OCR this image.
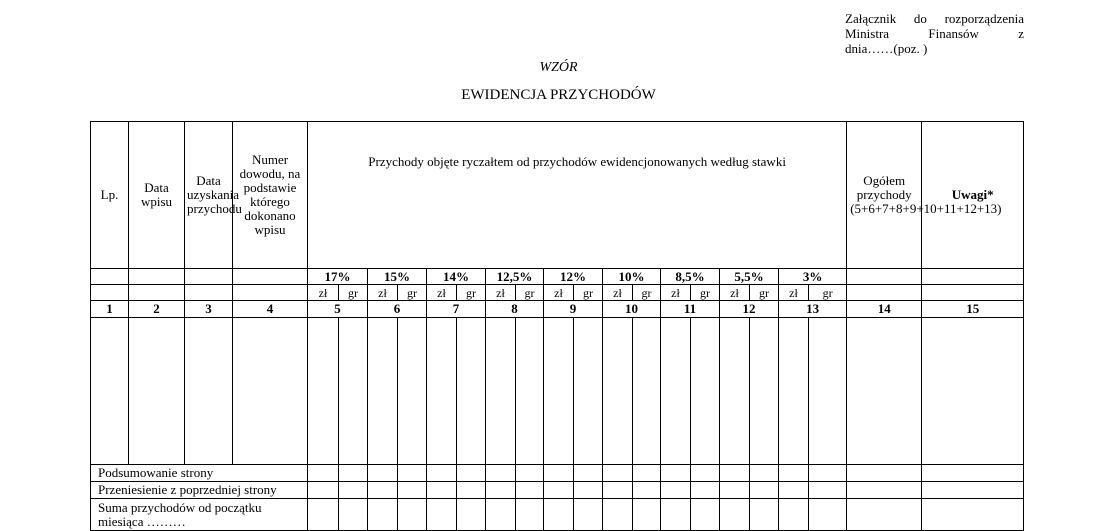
Załącznik do rozporządzenia
Ministra Finansów z
dnia……(poz. )
WZÓR
EWIDENCJA PRZYCHODÓW
Lp.	Data wpisu	Data uzyskania przychodu	Numer dowodu, na podstawie którego dokonano wpisu	Przychody objęte ryczałtem od przychodów ewidencjonowanych według stawki																		Ogółem przychody (5+6+7+8+9+10+11+12+13)	Uwagi*
				17%		15%		14%		12,5%		12%		10%		8,5%		5,5%		3%			
				zł	gr	zł	gr	zł	gr	zł	gr	zł	gr	zł	gr	zł	gr	zł	gr	zł	gr		
1	2	3	4	5		6		7		8		9		10		11		12		13		14	15

Podsumowanie strony																							
Przeniesienie z poprzedniej strony																							
Suma przychodów od początku miesiąca ………																							
